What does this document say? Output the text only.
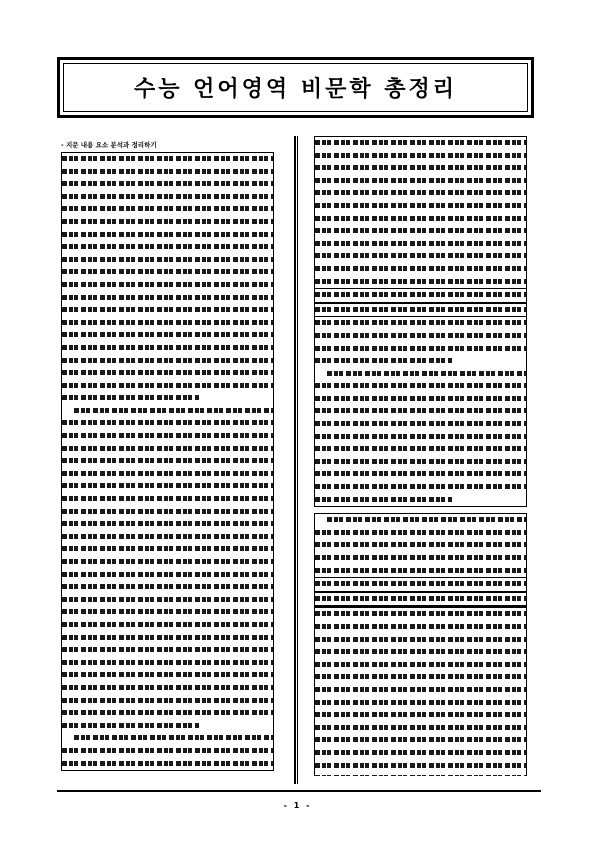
수능 언어영역 비문학 총정리
- 지문 내용 요소 분석과 정리하기
- 1 -
